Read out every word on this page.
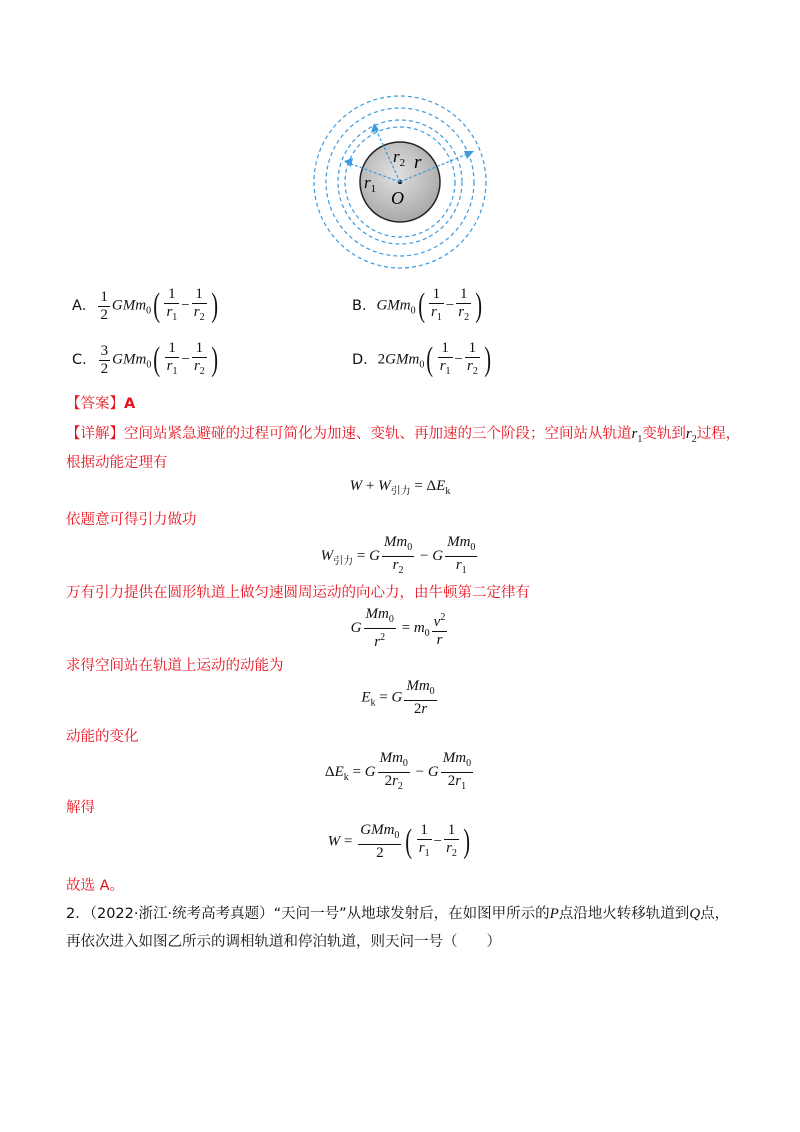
$r_2$ r
$r_1$ O
A． $\frac{1}{2} GMm_0( \frac{1}{r_1} - \frac{1}{r_2}$ )	B． $GMm_0( \frac{1}{r_1} - \frac{1}{r_2}$ )
C． $\frac{3}{2} GMm_0( \frac{1}{r_1} - \frac{1}{r_2}$ )	D． $2GMm_0( \frac{1}{r_1} - \frac{1}{r_2}$ )
【答案】A
【详解】空间站紧急避碰的过程可简化为加速、变轨、再加速的三个阶段；空间站从轨道$r_1$变轨到$r_2$过程，
根据动能定理有
$W + W_{引力} = \Delta E_k$
依题意可得引力做功
$W_{引力} = G \frac{Mm_0}{r_2} - G \frac{Mm_0}{r_1}$
万有引力提供在圆形轨道上做匀速圆周运动的向心力，由牛顿第二定律有
G $\frac{Mm_0}{r^2} = m_0 \frac{v^2}{r}$
求得空间站在轨道上运动的动能为
$E_k = G \frac{Mm_0}{2r}$
动能的变化
$\Delta E_k = G \frac{Mm_0}{2r_2} - G \frac{Mm_0}{2r_1}$
解得
$W = \frac{GMm_0}{2}$ ( $\frac{1}{r_1} - \frac{1}{r_2}$ )
故选 A。
2．（2022·浙江·统考高考真题）“天问一号”从地球发射后，在如图甲所示的P点沿地火转移轨道到Q点，
再依次进入如图乙所示的调相轨道和停泊轨道，则天问一号（　　）
